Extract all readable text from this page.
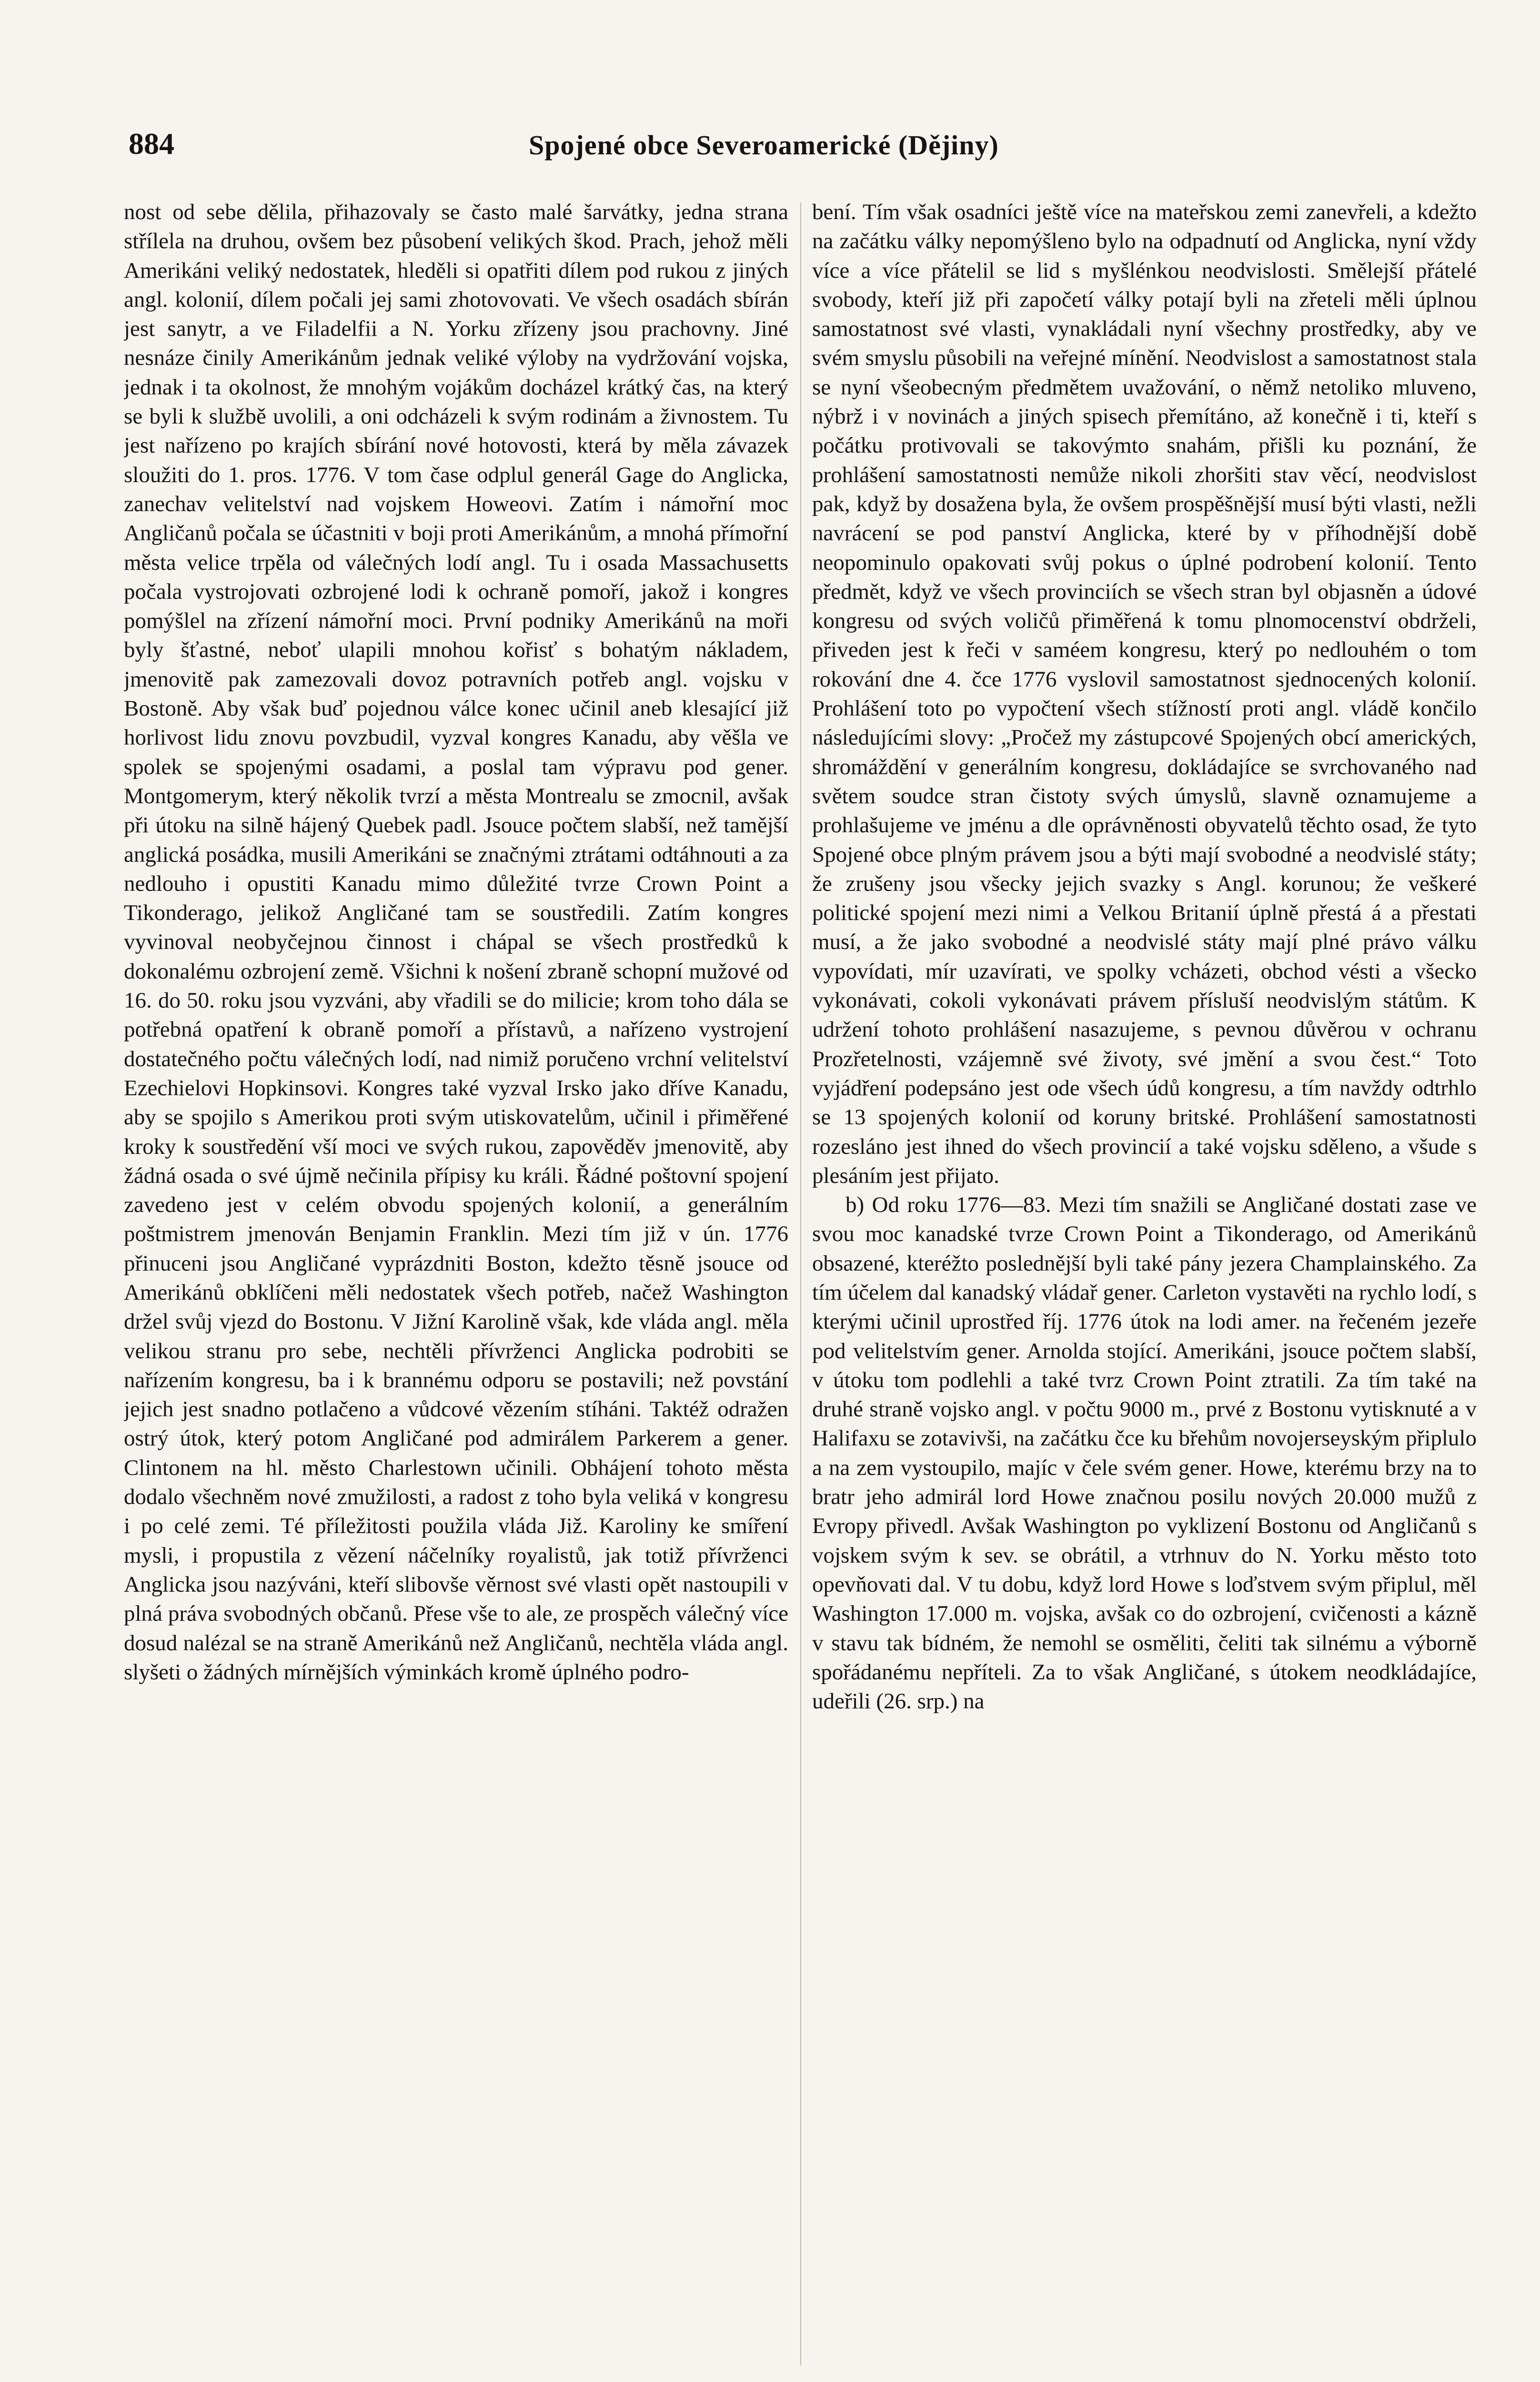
884	Spojené obce Severoamerické (Dějiny)

nost od sebe dělila, přihazovaly se často malé šarvátky, jedna strana střílela na druhou, ovšem bez působení velikých škod. Prach, jehož měli Amerikáni veliký nedostatek, hleděli si opatřiti dílem pod rukou z jiných angl. kolonií, dílem počali jej sami zhotovovati. Ve všech osadách sbírán jest sanytr, a ve Filadelfii a N. Yorku zřízeny jsou prachovny. Jiné nesnáze činily Amerikánům jednak veliké výloby na vydržování vojska, jednak i ta okolnost, že mnohým vojákům docházel krátký čas, na který se byli k službě uvolili, a oni odcházeli k svým rodinám a živnostem. Tu jest nařízeno po krajích sbírání nové hotovosti, která by měla závazek sloužiti do 1. pros. 1776. V tom čase odplul generál Gage do Anglicka, zanechav velitelství nad vojskem Howeovi. Zatím i námořní moc Angličanů počala se účastniti v boji proti Amerikánům, a mnohá přímořní města velice trpěla od válečných lodí angl. Tu i osada Massachusetts počala vystrojovati ozbrojené lodi k ochraně pomoří, jakož i kongres pomýšlel na zřízení námořní moci. První podniky Amerikánů na moři byly šťastné, neboť ulapili mnohou kořisť s bohatým nákladem, jmenovitě pak zamezovali dovoz potravních potřeb angl. vojsku v Bostoně. Aby však buď pojednou válce konec učinil aneb klesající již horlivost lidu znovu povzbudil, vyzval kongres Kanadu, aby věšla ve spolek se spojenými osadami, a poslal tam výpravu pod gener. Montgomerym, který několik tvrzí a města Montrealu se zmocnil, avšak při útoku na silně hájený Quebek padl. Jsouce počtem slabší, než tamější anglická posádka, musili Amerikáni se značnými ztrátami odtáhnouti a za nedlouho i opustiti Kanadu mimo důležité tvrze Crown Point a Tikonderago, jelikož Angličané tam se soustředili. Zatím kongres vyvinoval neobyčejnou činnost i chápal se všech prostředků k dokonalému ozbrojení země. Všichni k nošení zbraně schopní mužové od 16. do 50. roku jsou vyzváni, aby vřadili se do milicie; krom toho dála se potřebná opatření k obraně pomoří a přístavů, a nařízeno vystrojení dostatečného počtu válečných lodí, nad nimiž poručeno vrchní velitelství Ezechielovi Hopkinsovi. Kongres také vyzval Irsko jako dříve Kanadu, aby se spojilo s Amerikou proti svým utiskovatelům, učinil i přiměřené kroky k soustředění vší moci ve svých rukou, zapověděv jmenovitě, aby žádná osada o své újmě nečinila přípisy ku králi. Řádné poštovní spojení zavedeno jest v celém obvodu spojených kolonií, a generálním poštmistrem jmenován Benjamin Franklin. Mezi tím již v ún. 1776 přinuceni jsou Angličané vyprázdniti Boston, kdežto těsně jsouce od Amerikánů obklíčeni měli nedostatek všech potřeb, načež Washington držel svůj vjezd do Bostonu. V Jižní Karolině však, kde vláda angl. měla velikou stranu pro sebe, nechtěli přívrženci Anglicka podrobiti se nařízením kongresu, ba i k brannému odporu se postavili; než povstání jejich jest snadno potlačeno a vůdcové vězením stíháni. Taktéž odražen ostrý útok, který potom Angličané pod admirálem Parkerem a gener. Clintonem na hl. město Charlestown učinili. Obhájení tohoto města dodalo všechněm nové zmužilosti, a radost z toho byla veliká v kongresu i po celé zemi. Té příležitosti použila vláda Již. Karoliny ke smíření mysli, i propustila z vězení náčelníky royalistů, jak totiž přívrženci Anglicka jsou nazýváni, kteří slibovše věrnost své vlasti opět nastoupili v plná práva svobodných občanů. Přese vše to ale, ze prospěch válečný více dosud nalézal se na straně Amerikánů než Angličanů, nechtěla vláda angl. slyšeti o žádných mírnějších výminkách kromě úplného podro-

bení. Tím však osadníci ještě více na mateřskou zemi zanevřeli, a kdežto na začátku války nepomýšleno bylo na odpadnutí od Anglicka, nyní vždy více a více přátelil se lid s myšlénkou neodvislosti. Smělejší přátelé svobody, kteří již při započetí války potají byli na zřeteli měli úplnou samostatnost své vlasti, vynakládali nyní všechny prostředky, aby ve svém smyslu působili na veřejné mínění. Neodvislost a samostatnost stala se nyní všeobecným předmětem uvažování, o němž netoliko mluveno, nýbrž i v novinách a jiných spisech přemítáno, až konečně i ti, kteří s počátku protivovali se takovýmto snahám, přišli ku poznání, že prohlášení samostatnosti nemůže nikoli zhoršiti stav věcí, neodvislost pak, když by dosažena byla, že ovšem prospěšnější musí býti vlasti, nežli navrácení se pod panství Anglicka, které by v příhodnější době neopominulo opakovati svůj pokus o úplné podrobení kolonií. Tento předmět, když ve všech provinciích se všech stran byl objasněn a údové kongresu od svých voličů přiměřená k tomu plnomocenství obdrželi, přiveden jest k řeči v saméem kongresu, který po nedlouhém o tom rokování dne 4. čce 1776 vyslovil samostatnost sjednocených kolonií. Prohlášení toto po vypočtení všech stížností proti angl. vládě končilo následujícími slovy: „Pročež my zástupcové Spojených obcí amerických, shromáždění v generálním kongresu, dokládajíce se svrchovaného nad světem soudce stran čistoty svých úmyslů, slavně oznamujeme a prohlašujeme ve jménu a dle oprávněnosti obyvatelů těchto osad, že tyto Spojené obce plným právem jsou a býti mají svobodné a neodvislé státy; že zrušeny jsou všecky jejich svazky s Angl. korunou; že veškeré politické spojení mezi nimi a Velkou Britanií úplně přestá á a přestati musí, a že jako svobodné a neodvislé státy mají plné právo válku vypovídati, mír uzavírati, ve spolky vcházeti, obchod vésti a všecko vykonávati, cokoli vykonávati právem přísluší neodvislým státům. K udržení tohoto prohlášení nasazujeme, s pevnou důvěrou v ochranu Prozřetelnosti, vzájemně své životy, své jmění a svou čest.“ Toto vyjádření podepsáno jest ode všech údů kongresu, a tím navždy odtrhlo se 13 spojených kolonií od koruny britské. Prohlášení samostatnosti rozesláno jest ihned do všech provincií a také vojsku sděleno, a všude s plesáním jest přijato.

b) Od roku 1776—83. Mezi tím snažili se Angličané dostati zase ve svou moc kanadské tvrze Crown Point a Tikonderago, od Amerikánů obsazené, kteréžto poslednější byli také pány jezera Champlainského. Za tím účelem dal kanadský vládař gener. Carleton vystavěti na rychlo lodí, s kterými učinil uprostřed říj. 1776 útok na lodi amer. na řečeném jezeře pod velitelstvím gener. Arnolda stojící. Amerikáni, jsouce počtem slabší, v útoku tom podlehli a také tvrz Crown Point ztratili. Za tím také na druhé straně vojsko angl. v počtu 9000 m., prvé z Bostonu vytisknuté a v Halifaxu se zotavivši, na začátku čce ku břehům novojerseyským připlulo a na zem vystoupilo, majíc v čele svém gener. Howe, kterému brzy na to bratr jeho admirál lord Howe značnou posilu nových 20.000 mužů z Evropy přivedl. Avšak Washington po vyklizení Bostonu od Angličanů s vojskem svým k sev. se obrátil, a vtrhnuv do N. Yorku město toto opevňovati dal. V tu dobu, když lord Howe s loďstvem svým připlul, měl Washington 17.000 m. vojska, avšak co do ozbrojení, cvičenosti a kázně v stavu tak bídném, že nemohl se osměliti, čeliti tak silnému a výborně spořádanému nepříteli. Za to však Angličané, s útokem neodkládajíce, udeřili (26. srp.) na
